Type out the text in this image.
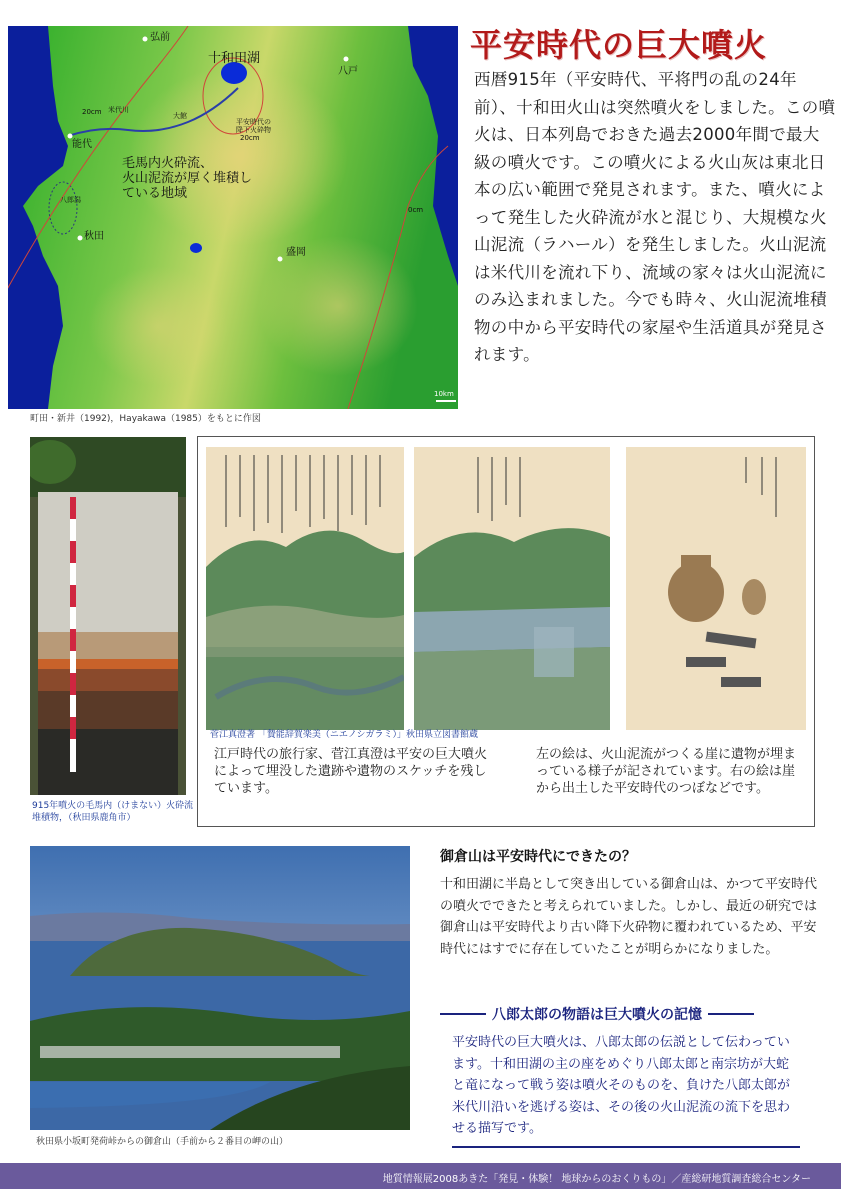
弘前
十和田湖
八戸
米代川
大館
20cm
平安時代の
降下火砕物
20cm
能代
八郎潟
毛馬内火砕流、
火山泥流が厚く堆積し
ている地域
0cm
秋田
盛岡
10km
町田・新井（1992)，Hayakawa（1985）をもとに作図
平安時代の巨大噴火

西暦915年（平安時代、平将門の乱の24年前）、十和田火山は突然噴火をしました。この噴火は、日本列島でおきた過去2000年間で最大級の噴火です。この噴火による火山灰は東北日本の広い範囲で発見されます。また、噴火によって発生した火砕流が水と混じり、大規模な火山泥流（ラハール）を発生しました。火山泥流は米代川を流れ下り、流域の家々は火山泥流にのみ込まれました。今でも時々、火山泥流堆積物の中から平安時代の家屋や生活道具が発見されます。

915年噴火の毛馬内（けまない）火砕流堆積物，（秋田県鹿角市）
菅江真澄著 「贄能辞賀楽美（ニエノシガラミ）」秋田県立図書館蔵

江戸時代の旅行家、菅江真澄は平安の巨大噴火によって埋没した遺跡や遺物のスケッチを残しています。

左の絵は、火山泥流がつくる崖に遺物が埋まっている様子が記されています。右の絵は崖から出土した平安時代のつぼなどです。

秋田県小坂町発荷峠からの御倉山（手前から２番目の岬の山）
御倉山は平安時代にできたの？

十和田湖に半島として突き出している御倉山は、かつて平安時代の噴火でできたと考えられていました。しかし、最近の研究では御倉山は平安時代より古い降下火砕物に覆われているため、平安時代にはすでに存在していたことが明らかになりました。

八郎太郎の物語は巨大噴火の記憶

平安時代の巨大噴火は、八郎太郎の伝説として伝わっています。十和田湖の主の座をめぐり八郎太郎と南宗坊が大蛇と竜になって戦う姿は噴火そのものを、負けた八郎太郎が米代川沿いを逃げる姿は、その後の火山泥流の流下を思わせる描写です。

地質情報展2008あきた「発見・体験！ 地球からのおくりもの」／産総研地質調査総合センター
